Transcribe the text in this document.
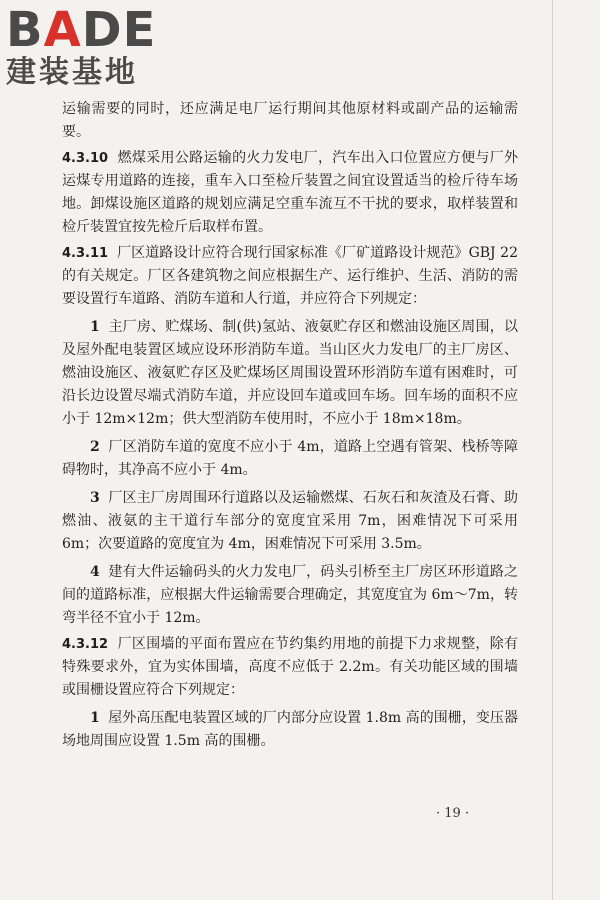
BADE
建装基地

运输需要的同时，还应满足电厂运行期间其他原材料或副产品的运输需要。

4.3.10 燃煤采用公路运输的火力发电厂，汽车出入口位置应方便与厂外运煤专用道路的连接，重车入口至检斤装置之间宜设置适当的检斤待车场地。卸煤设施区道路的规划应满足空重车流互不干扰的要求，取样装置和检斤装置宜按先检斤后取样布置。

4.3.11 厂区道路设计应符合现行国家标准《厂矿道路设计规范》GBJ 22 的有关规定。厂区各建筑物之间应根据生产、运行维护、生活、消防的需要设置行车道路、消防车道和人行道，并应符合下列规定：

1 主厂房、贮煤场、制(供)氢站、液氨贮存区和燃油设施区周围，以及屋外配电装置区域应设环形消防车道。当山区火力发电厂的主厂房区、燃油设施区、液氨贮存区及贮煤场区周围设置环形消防车道有困难时，可沿长边设置尽端式消防车道，并应设回车道或回车场。回车场的面积不应小于 12m×12m；供大型消防车使用时，不应小于 18m×18m。

2 厂区消防车道的宽度不应小于 4m，道路上空遇有管架、栈桥等障碍物时，其净高不应小于 4m。

3 厂区主厂房周围环行道路以及运输燃煤、石灰石和灰渣及石膏、助燃油、液氨的主干道行车部分的宽度宜采用 7m，困难情况下可采用 6m；次要道路的宽度宜为 4m，困难情况下可采用 3.5m。

4 建有大件运输码头的火力发电厂，码头引桥至主厂房区环形道路之间的道路标准，应根据大件运输需要合理确定，其宽度宜为 6m～7m，转弯半径不宜小于 12m。

4.3.12 厂区围墙的平面布置应在节约集约用地的前提下力求规整，除有特殊要求外，宜为实体围墙，高度不应低于 2.2m。有关功能区域的围墙或围栅设置应符合下列规定：

1 屋外高压配电装置区域的厂内部分应设置 1.8m 高的围栅，变压器场地周围应设置 1.5m 高的围栅。

· 19 ·
